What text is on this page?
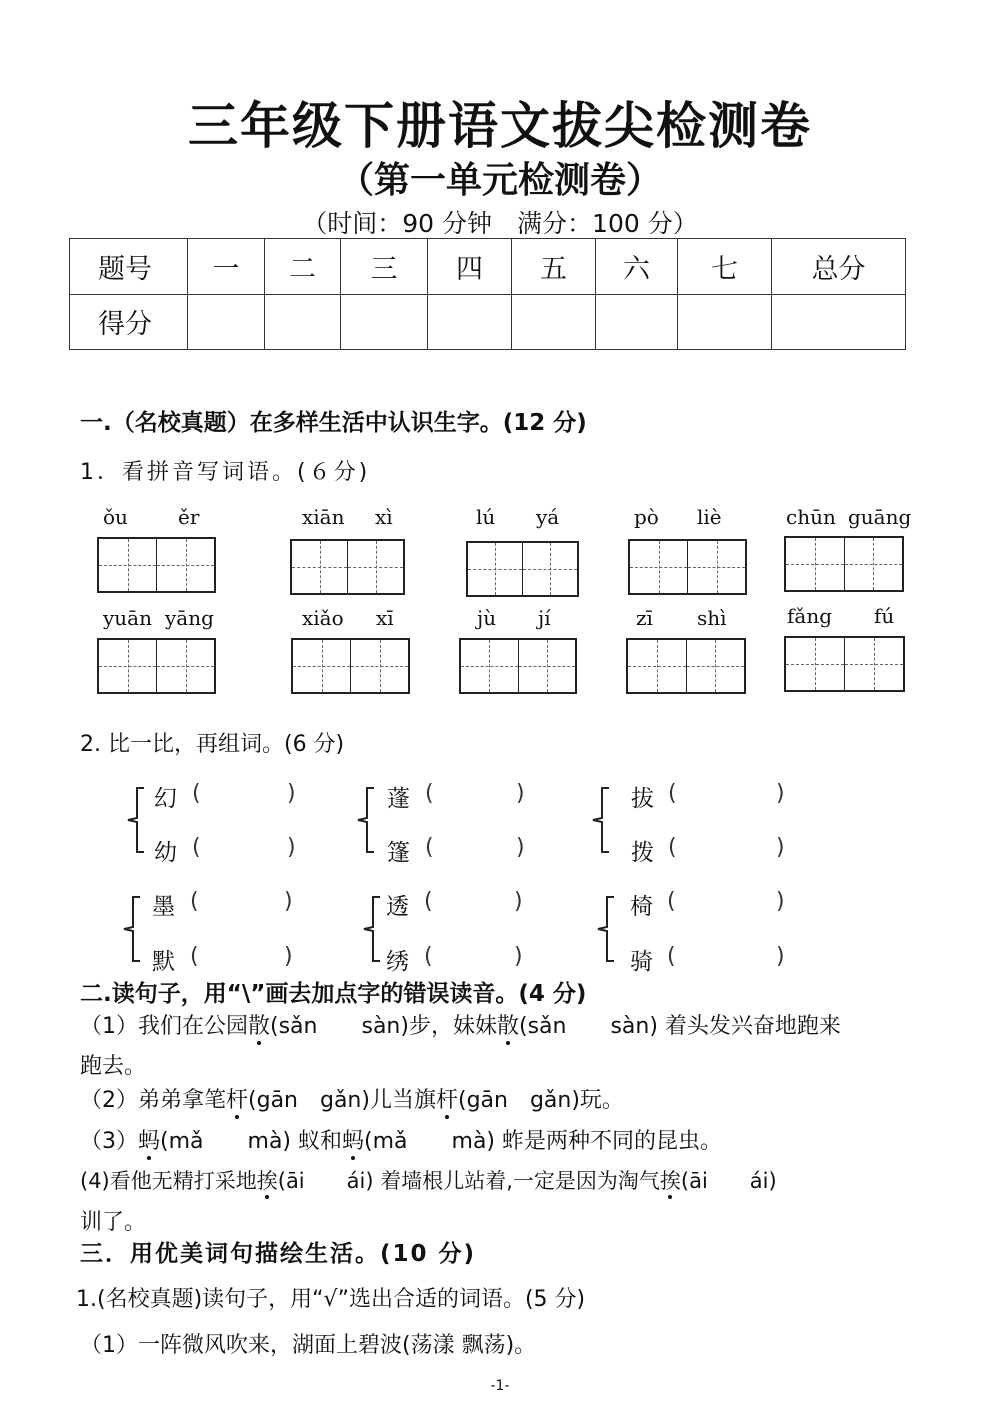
三年级下册语文拔尖检测卷
（第一单元检测卷）
（时间：90 分钟　满分：100 分）
题号	一	二	三	四	五	六	七	总分
得分								
一.（名校真题）在多样生活中认识生字。(12 分)
1．看拼音写词语。(６分)
ǒu	ěr	xiān xì	lú yá	pò liè	chūn guāng
yuān yāng	xiǎo xī	jù jí	zī shì	fǎng fú
2. 比一比，再组词。(6 分)
幻 (	)
幼 (	)
蓬 (	)
篷 (	)
拔 (	)
拨 (	)
墨 (	)
默 (	)
透 (	)
绣 (	)
椅 (	)
骑 (	)
二.读句子，用“\”画去加点字的错误读音。(4 分)
（1）我们在公园散(sǎn　　sàn)步，妹妹散(sǎn　　sàn) 着头发兴奋地跑来
跑去。
（2）弟弟拿笔杆(gān　gǎn)儿当旗杆(gān　gǎn)玩。
（3）蚂(mǎ　　mà) 蚁和蚂(mǎ　　mà) 蚱是两种不同的昆虫。
(4)看他无精打采地挨(āi　　ái) 着墙根儿站着,一定是因为淘气挨(āi　　ái)
训了。
三．用优美词句描绘生活。(10 分)
1.(名校真题)读句子，用“√”选出合适的词语。(5 分)
（1）一阵微风吹来，湖面上碧波(荡漾 飘荡)。
-1-
